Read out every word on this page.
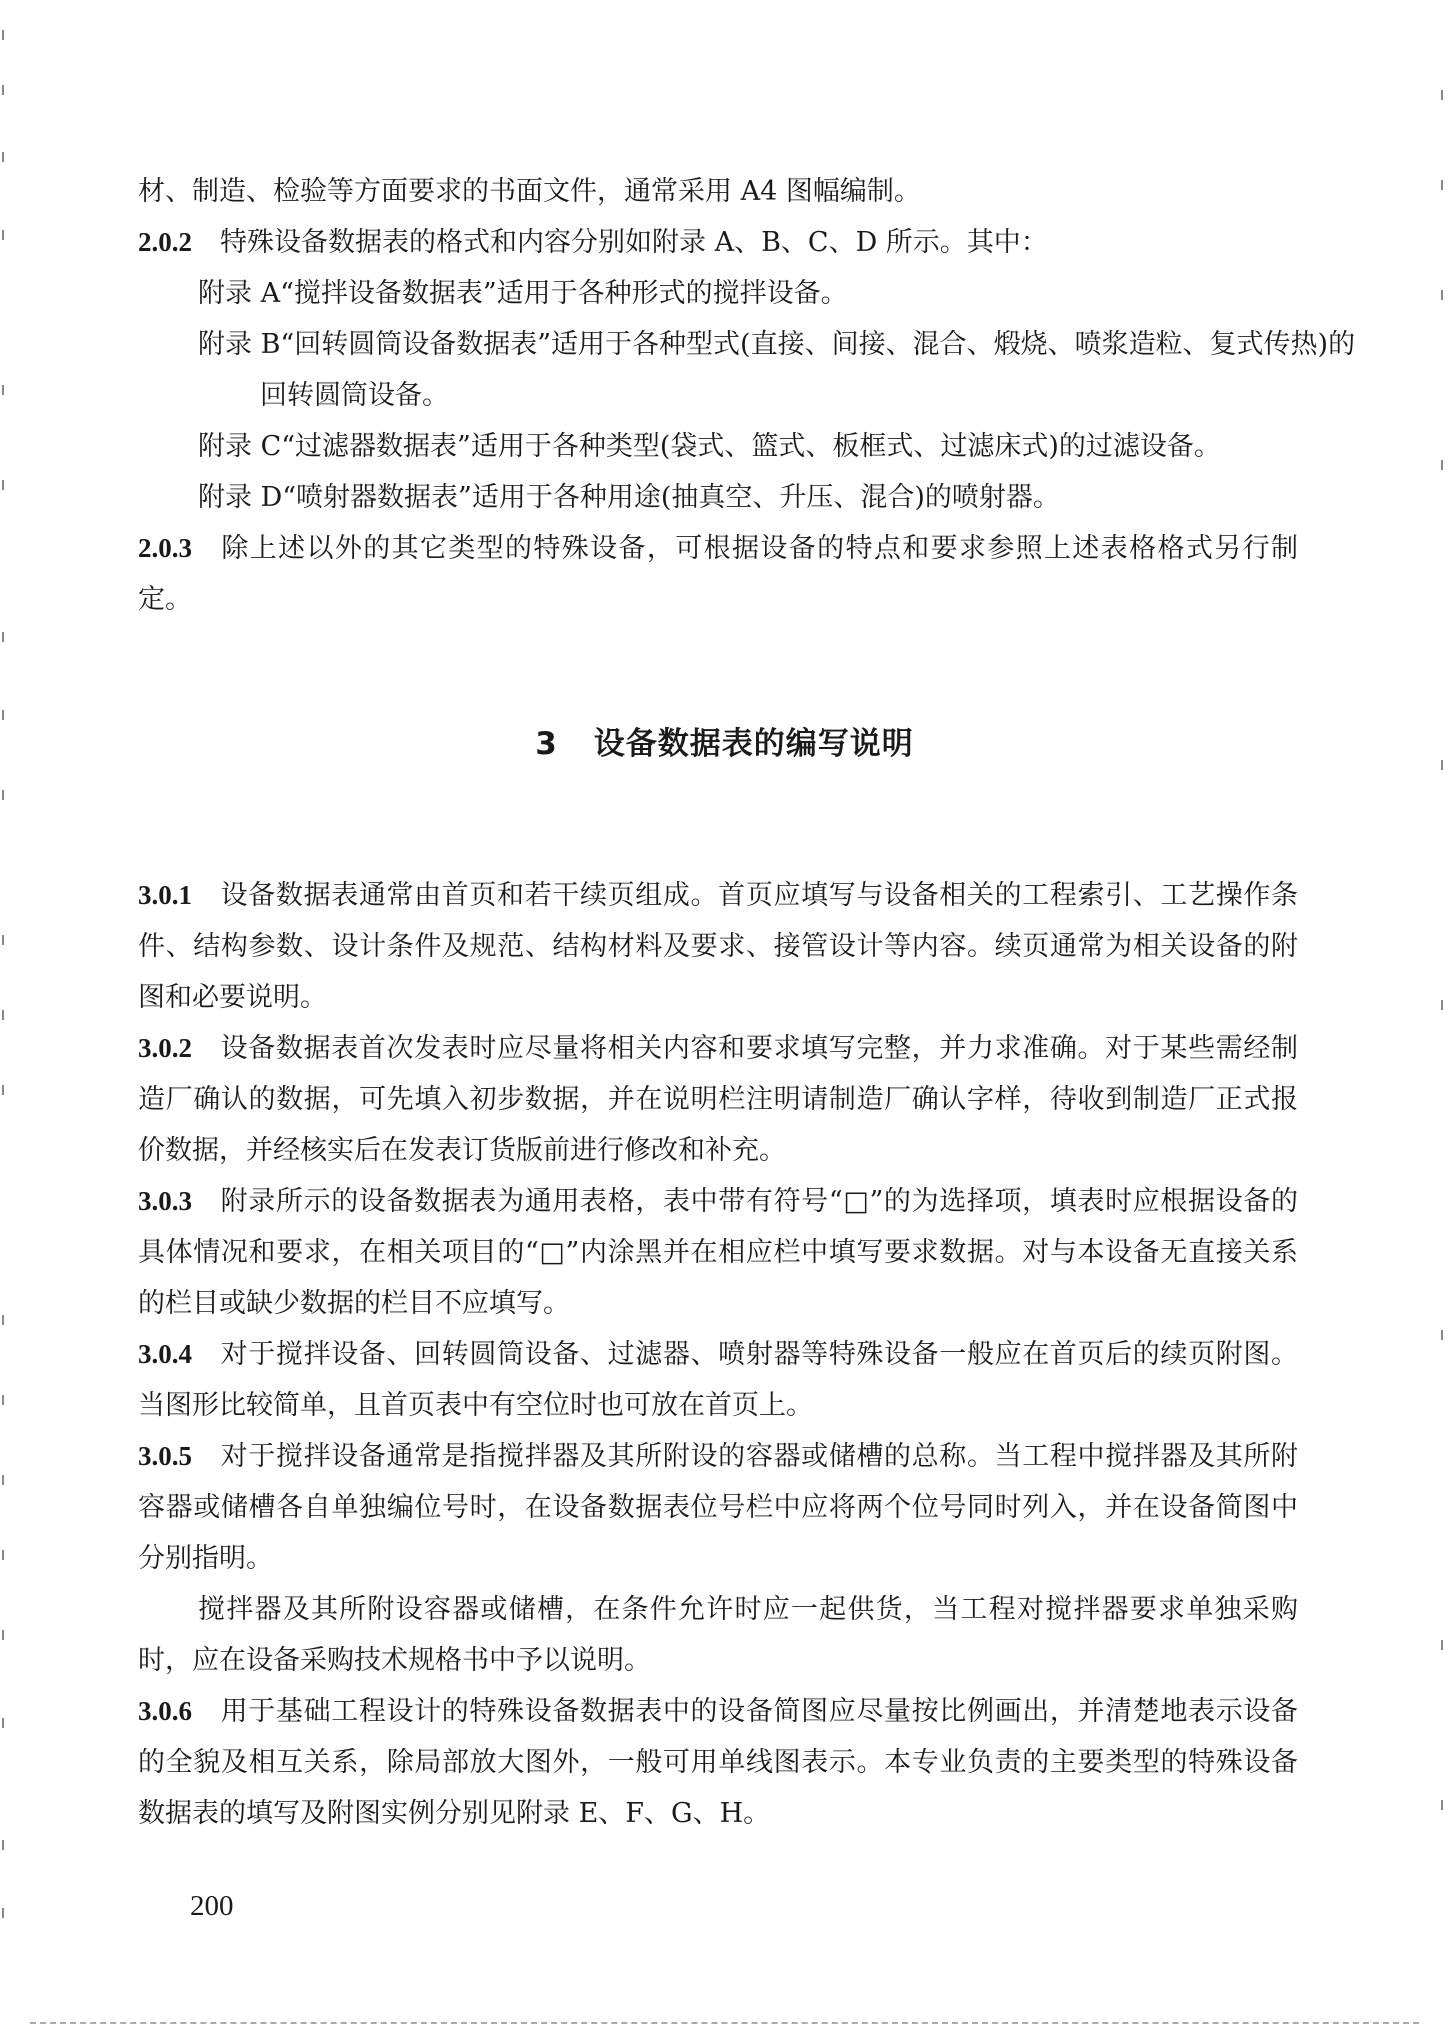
材、制造、检验等方面要求的书面文件，通常采用 A4 图幅编制。

2.0.2 特殊设备数据表的格式和内容分别如附录 A、B、C、D 所示。其中：

附录 A“搅拌设备数据表”适用于各种形式的搅拌设备。

附录 B“回转圆筒设备数据表”适用于各种型式(直接、间接、混合、煅烧、喷浆造粒、复式传热)的回转圆筒设备。

附录 C“过滤器数据表”适用于各种类型(袋式、篮式、板框式、过滤床式)的过滤设备。

附录 D“喷射器数据表”适用于各种用途(抽真空、升压、混合)的喷射器。

2.0.3 除上述以外的其它类型的特殊设备，可根据设备的特点和要求参照上述表格格式另行制定。

3 设备数据表的编写说明

3.0.1 设备数据表通常由首页和若干续页组成。首页应填写与设备相关的工程索引、工艺操作条件、结构参数、设计条件及规范、结构材料及要求、接管设计等内容。续页通常为相关设备的附图和必要说明。

3.0.2 设备数据表首次发表时应尽量将相关内容和要求填写完整，并力求准确。对于某些需经制造厂确认的数据，可先填入初步数据，并在说明栏注明请制造厂确认字样，待收到制造厂正式报价数据，并经核实后在发表订货版前进行修改和补充。

3.0.3 附录所示的设备数据表为通用表格，表中带有符号“□”的为选择项，填表时应根据设备的具体情况和要求，在相关项目的“□”内涂黑并在相应栏中填写要求数据。对与本设备无直接关系的栏目或缺少数据的栏目不应填写。

3.0.4 对于搅拌设备、回转圆筒设备、过滤器、喷射器等特殊设备一般应在首页后的续页附图。当图形比较简单，且首页表中有空位时也可放在首页上。

3.0.5 对于搅拌设备通常是指搅拌器及其所附设的容器或储槽的总称。当工程中搅拌器及其所附容器或储槽各自单独编位号时，在设备数据表位号栏中应将两个位号同时列入，并在设备简图中分别指明。

搅拌器及其所附设容器或储槽，在条件允许时应一起供货，当工程对搅拌器要求单独采购时，应在设备采购技术规格书中予以说明。

3.0.6 用于基础工程设计的特殊设备数据表中的设备简图应尽量按比例画出，并清楚地表示设备的全貌及相互关系，除局部放大图外，一般可用单线图表示。本专业负责的主要类型的特殊设备数据表的填写及附图实例分别见附录 E、F、G、H。

200
